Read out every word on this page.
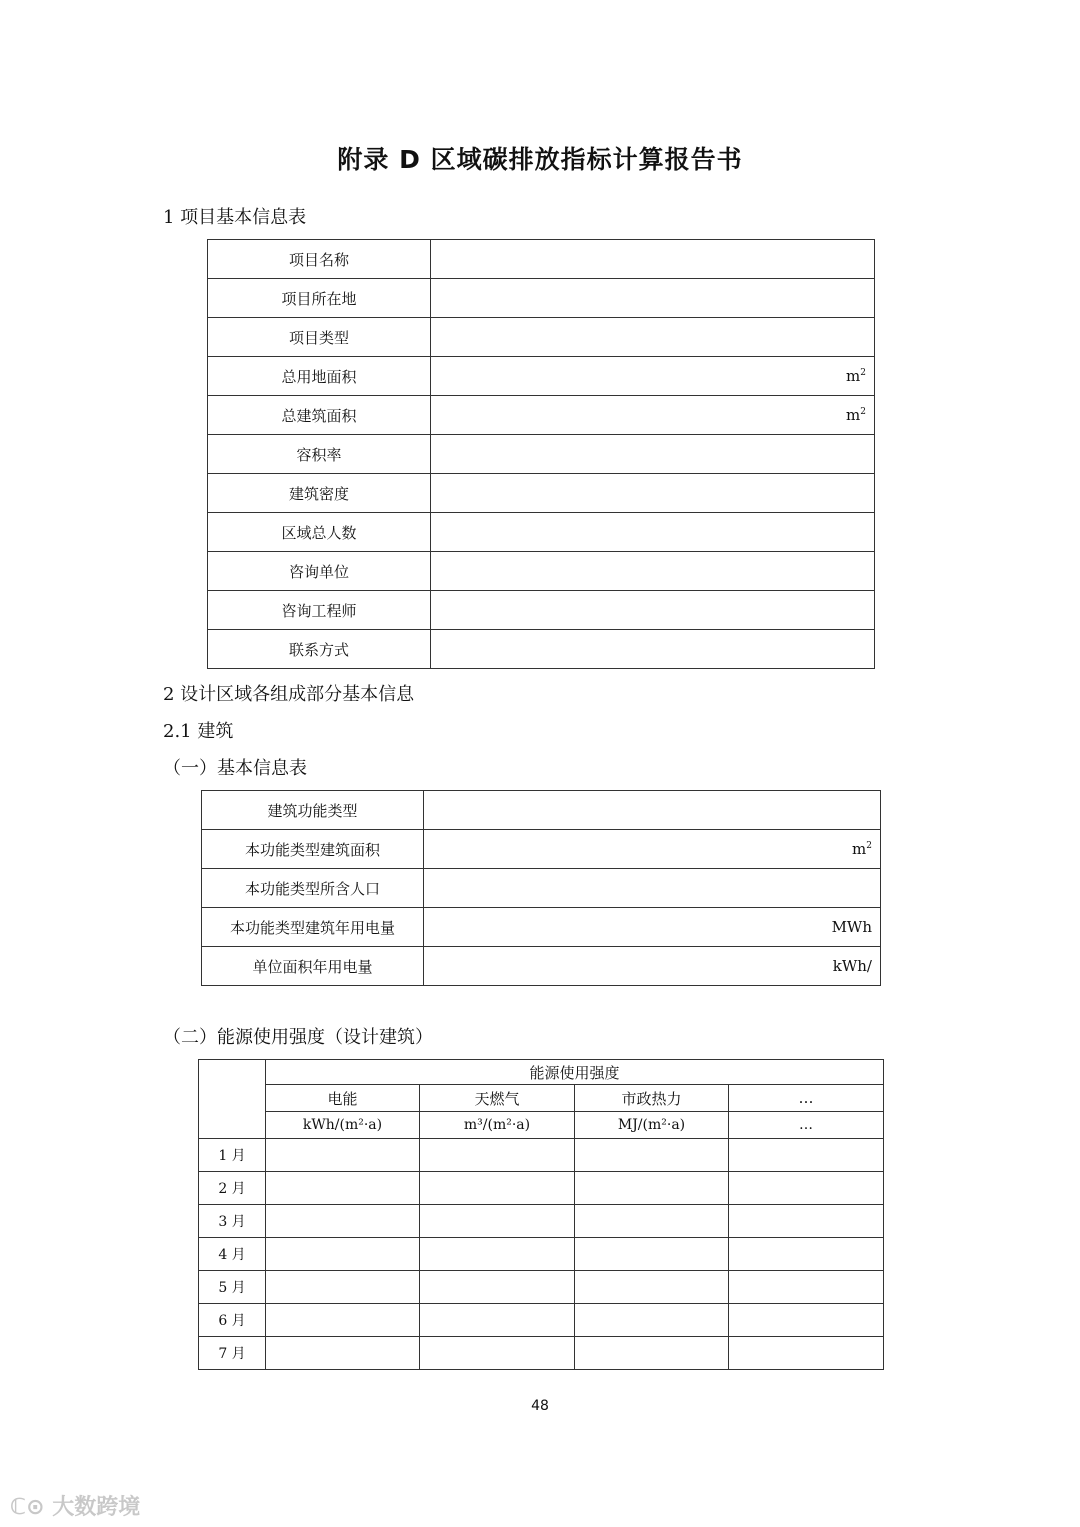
附录 D 区域碳排放指标计算报告书
1 项目基本信息表
项目名称	
项目所在地	
项目类型	
总用地面积	$m^2$
总建筑面积	$m^2$
容积率	
建筑密度	
区域总人数	
咨询单位	
咨询工程师	
联系方式	
2 设计区域各组成部分基本信息
2.1 建筑
（一）基本信息表
建筑功能类型	
本功能类型建筑面积	$m^2$
本功能类型所含人口	
本功能类型建筑年用电量	MWh
单位面积年用电量	kWh/
（二）能源使用强度（设计建筑）
	能源使用强度			
	电能	天燃气	市政热力	…
	kWh/(m²·a)	m³/(m²·a)	MJ/(m²·a)	…
1 月				
2 月				
3 月				
4 月				
5 月				
6 月				
7 月				
48
ℂ⊙ 大数跨境
